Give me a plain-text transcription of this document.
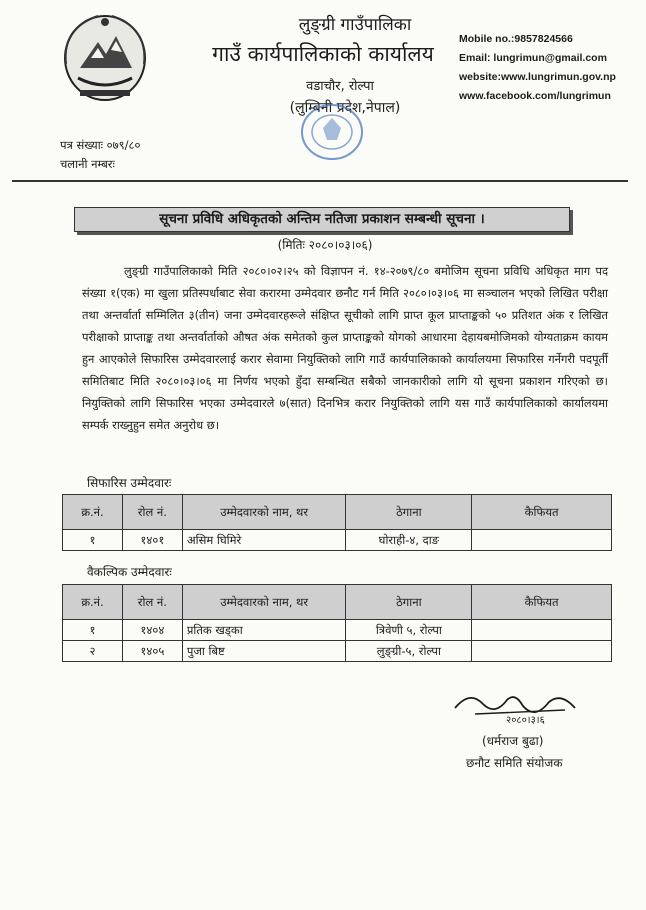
लुङ्ग्री गाउँपालिका
गाउँ कार्यपालिकाको कार्यालय
वडाचौर, रोल्पा
(लुम्बिनी प्रदेश,नेपाल)
Mobile no.:9857824566
Email: lungrimun@gmail.com
website:www.lungrimun.gov.np
www.facebook.com/lungrimun
पत्र संख्याः ०७९/८०
चलानी नम्बरः
सूचना प्रविधि अधिकृतको अन्तिम नतिजा प्रकाशन सम्बन्धी सूचना ।
(मितिः २०८०।०३।०६)
लुङ्ग्री गाउँपालिकाको मिति २०८०।०२।२५ को विज्ञापन नं. १४-२०७९/८० बमोजिम सूचना प्रविधि अधिकृत माग पद संख्या १(एक) मा खुला प्रतिस्पर्धाबाट सेवा करारमा उम्मेदवार छनौट गर्न मिति २०८०।०३।०६ मा सञ्चालन भएको लिखित परीक्षा तथा अन्तर्वार्ता सम्मिलित ३(तीन) जना उम्मेदवारहरूले संक्षिप्त सूचीको लागि प्राप्त कूल प्राप्ताङ्कको ५० प्रतिशत अंक र लिखित परीक्षाको प्राप्ताङ्क तथा अन्तर्वार्ताको औषत अंक समेतको कुल प्राप्ताङ्कको योगको आधारमा देहायबमोजिमको योग्यताक्रम कायम हुन आएकोले सिफारिस उम्मेदवारलाई करार सेवामा नियुक्तिको लागि गाउँ कार्यपालिकाको कार्यालयमा सिफारिस गर्नेगरी पदपूर्ती समितिबाट मिति २०८०।०३।०६ मा निर्णय भएको हुँदा सम्बन्धित सबैको जानकारीको लागि यो सूचना प्रकाशन गरिएको छ। नियुक्तिको लागि सिफारिस भएका उम्मेदवारले ७(सात) दिनभित्र करार नियुक्तिको लागि यस गाउँ कार्यपालिकाको कार्यालयमा सम्पर्क राख्नुहुन समेत अनुरोध छ।
सिफारिस उम्मेदवारः
क्र.नं.	रोल नं.	उम्मेदवारको नाम, थर	ठेगाना	कैफियत
१	१४०१	असिम घिमिरे	घोराही-४, दाङ	
वैकल्पिक उम्मेदवारः
क्र.नं.	रोल नं.	उम्मेदवारको नाम, थर	ठेगाना	कैफियत
१	१४०४	प्रतिक खड्का	त्रिवेणी ५, रोल्पा	
२	१४०५	पुजा बिष्ट	लुङ्ग्री-५, रोल्पा	
२०८०।३।६
(धर्मराज बुढा)
छनौट समिति संयोजक
